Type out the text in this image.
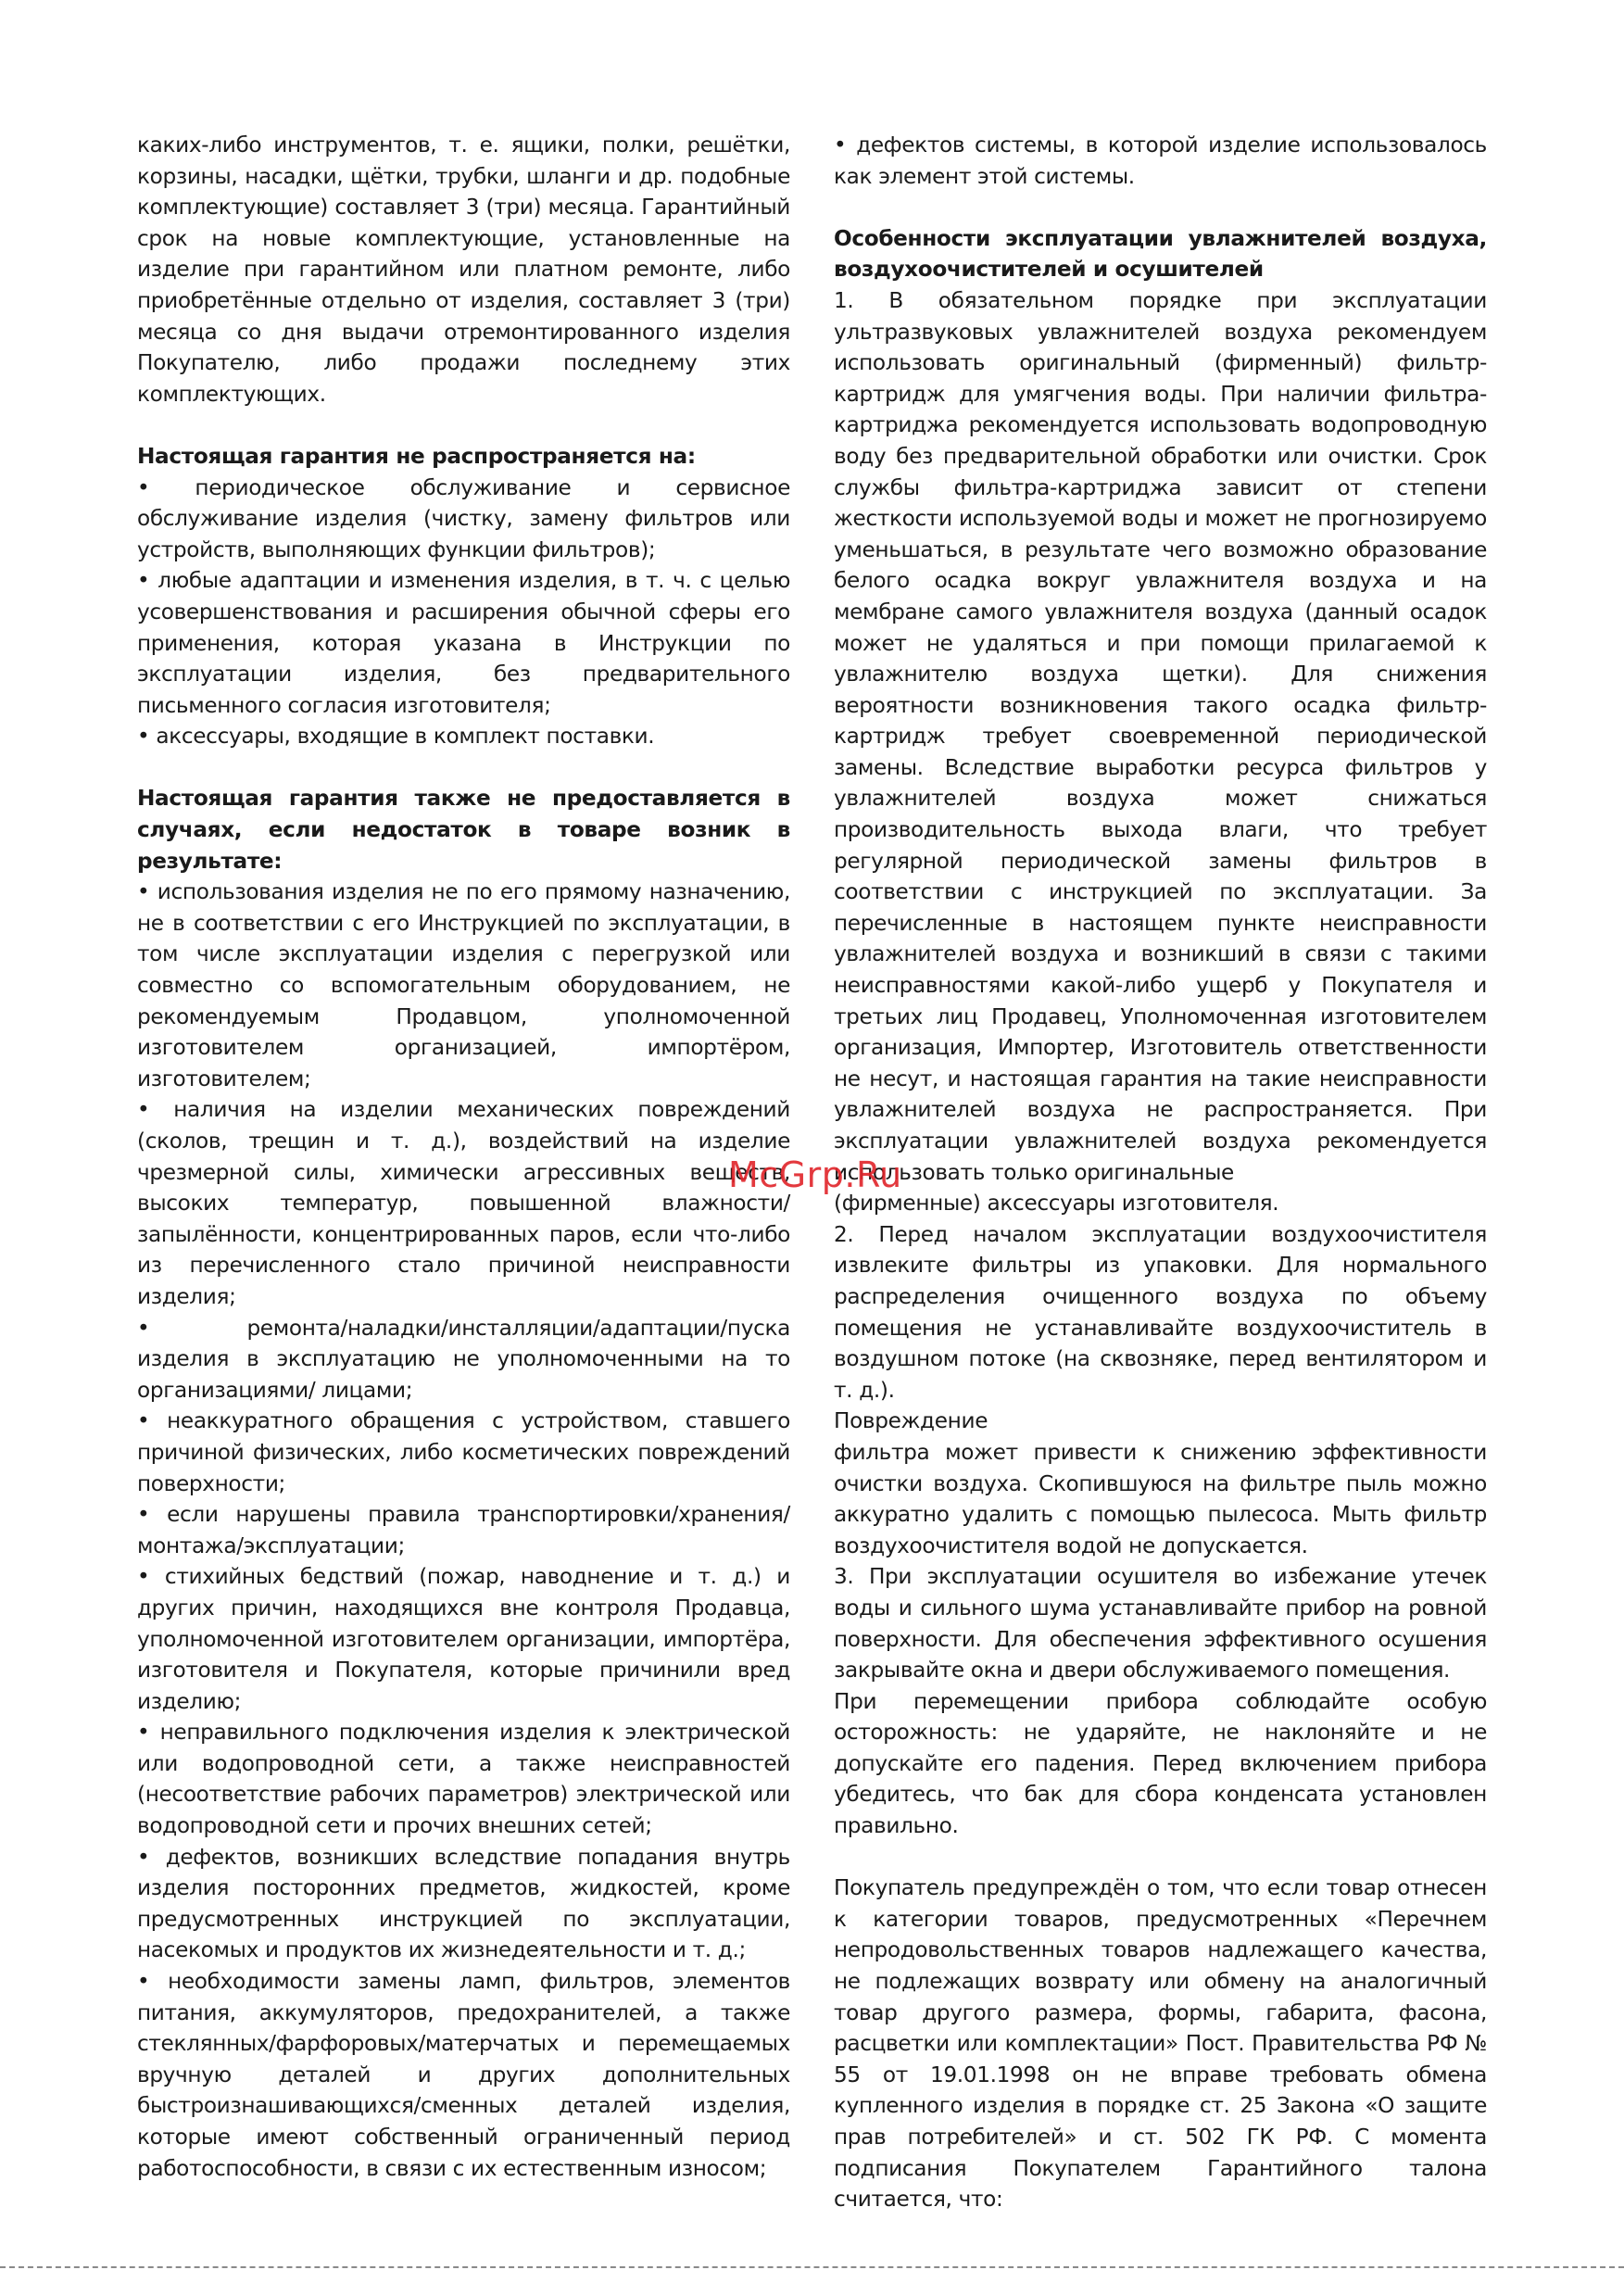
каких-либо инструментов, т. е. ящики, полки, решётки, корзины, насадки, щётки, трубки, шланги и др. подобные комплектующие) составляет 3 (три) месяца. Гарантийный срок на новые комплектующие, установленные на изделие при гарантийном или платном ремонте, либо приобретённые отдельно от изделия, составляет 3 (три) месяца со дня выдачи отремонтированного изделия Покупателю, либо продажи последнему этих комплектующих.

Настоящая гарантия не распространяется на:

• периодическое обслуживание и сервисное обслуживание изделия (чистку, замену фильтров или устройств, выполняющих функции фильтров);

• любые адаптации и изменения изделия, в т. ч. с целью усовершенствования и расширения обычной сферы его применения, которая указана в Инструкции по эксплуатации изделия, без предварительного письменного согласия изготовителя;

• аксессуары, входящие в комплект поставки.

Настоящая гарантия также не предоставляется в случаях, если недостаток в товаре возник в результате:

• использования изделия не по его прямому назначению, не в соответствии с его Инструкцией по эксплуатации, в том числе эксплуатации изделия с перегрузкой или совместно со вспомогательным оборудованием, не рекомендуемым Продавцом, уполномоченной изготовителем организацией, импортёром, изготовителем;

• наличия на изделии механических повреждений (сколов, трещин и т. д.), воздействий на изделие чрезмерной силы, химически агрессивных веществ, высоких температур, повышенной влажности/запылённости, концентрированных паров, если что-либо из перечисленного стало причиной неисправности изделия;

• ремонта/наладки/инсталляции/адаптации/пуска изделия в эксплуатацию не уполномоченными на то организациями/ лицами;

• неаккуратного обращения с устройством, ставшего причиной физических, либо косметических повреждений поверхности;

• если нарушены правила транспортировки/хранения/монтажа/эксплуатации;

• стихийных бедствий (пожар, наводнение и т. д.) и других причин, находящихся вне контроля Продавца, уполномоченной изготовителем организации, импортёра, изготовителя и Покупателя, которые причинили вред изделию;

• неправильного подключения изделия к электрической или водопроводной сети, а также неисправностей (несоответствие рабочих параметров) электрической или водопроводной сети и прочих внешних сетей;

• дефектов, возникших вследствие попадания внутрь изделия посторонних предметов, жидкостей, кроме предусмотренных инструкцией по эксплуатации, насекомых и продуктов их жизнедеятельности и т. д.;

• необходимости замены ламп, фильтров, элементов питания, аккумуляторов, предохранителей, а также стеклянных/фарфоровых/матерчатых и перемещаемых вручную деталей и других дополнительных быстроизнашивающихся/сменных деталей изделия, которые имеют собственный ограниченный период работоспособности, в связи с их естественным износом;

• дефектов системы, в которой изделие использовалось как элемент этой системы.

Особенности эксплуатации увлажнителей воздуха, воздухоочистителей и осушителей

1. В обязательном порядке при эксплуатации ультразвуковых увлажнителей воздуха рекомендуем использовать оригинальный (фирменный) фильтр-картридж для умягчения воды. При наличии фильтра-картриджа рекомендуется использовать водопроводную воду без предварительной обработки или очистки. Срок службы фильтра-картриджа зависит от степени жесткости используемой воды и может не прогнозируемо уменьшаться, в результате чего возможно образование белого осадка вокруг увлажнителя воздуха и на мембране самого увлажнителя воздуха (данный осадок может не удаляться и при помощи прилагаемой к увлажнителю воздуха щетки). Для снижения вероятности возникновения такого осадка фильтр-картридж требует своевременной периодической замены. Вследствие выработки ресурса фильтров у увлажнителей воздуха может снижаться производительность выхода влаги, что требует регулярной периодической замены фильтров в соответствии с инструкцией по эксплуатации. За перечисленные в настоящем пункте неисправности увлажнителей воздуха и возникший в связи с такими неисправностями какой-либо ущерб у Покупателя и третьих лиц Продавец, Уполномоченная изготовителем организация, Импортер, Изготовитель ответственности не несут, и настоящая гарантия на такие неисправности увлажнителей воздуха не распространяется. При эксплуатации увлажнителей воздуха рекомендуется использовать только оригинальные

(фирменные) аксессуары изготовителя.

2. Перед началом эксплуатации воздухоочистителя извлеките фильтры из упаковки. Для нормального распределения очищенного воздуха по объему помещения не устанавливайте воздухоочиститель в воздушном потоке (на сквозняке, перед вентилятором и т. д.).

Повреждение

фильтра может привести к снижению эффективности очистки воздуха. Скопившуюся на фильтре пыль можно аккуратно удалить с помощью пылесоса. Мыть фильтр воздухоочистителя водой не допускается.

3. При эксплуатации осушителя во избежание утечек воды и сильного шума устанавливайте прибор на ровной поверхности. Для обеспечения эффективного осушения закрывайте окна и двери обслуживаемого помещения.

При перемещении прибора соблюдайте особую осторожность: не ударяйте, не наклоняйте и не допускайте его падения. Перед включением прибора убедитесь, что бак для сбора конденсата установлен правильно.

Покупатель предупреждён о том, что если товар отнесен к категории товаров, предусмотренных «Перечнем непродовольственных товаров надлежащего качества, не подлежащих возврату или обмену на аналогичный товар другого размера, формы, габарита, фасона, расцветки или комплектации» Пост. Правительства РФ № 55 от 19.01.1998 он не вправе требовать обмена купленного изделия в порядке ст. 25 Закона «О защите прав потребителей» и ст. 502 ГК РФ. С момента подписания Покупателем Гарантийного талона считается, что:

McGrp.Ru
